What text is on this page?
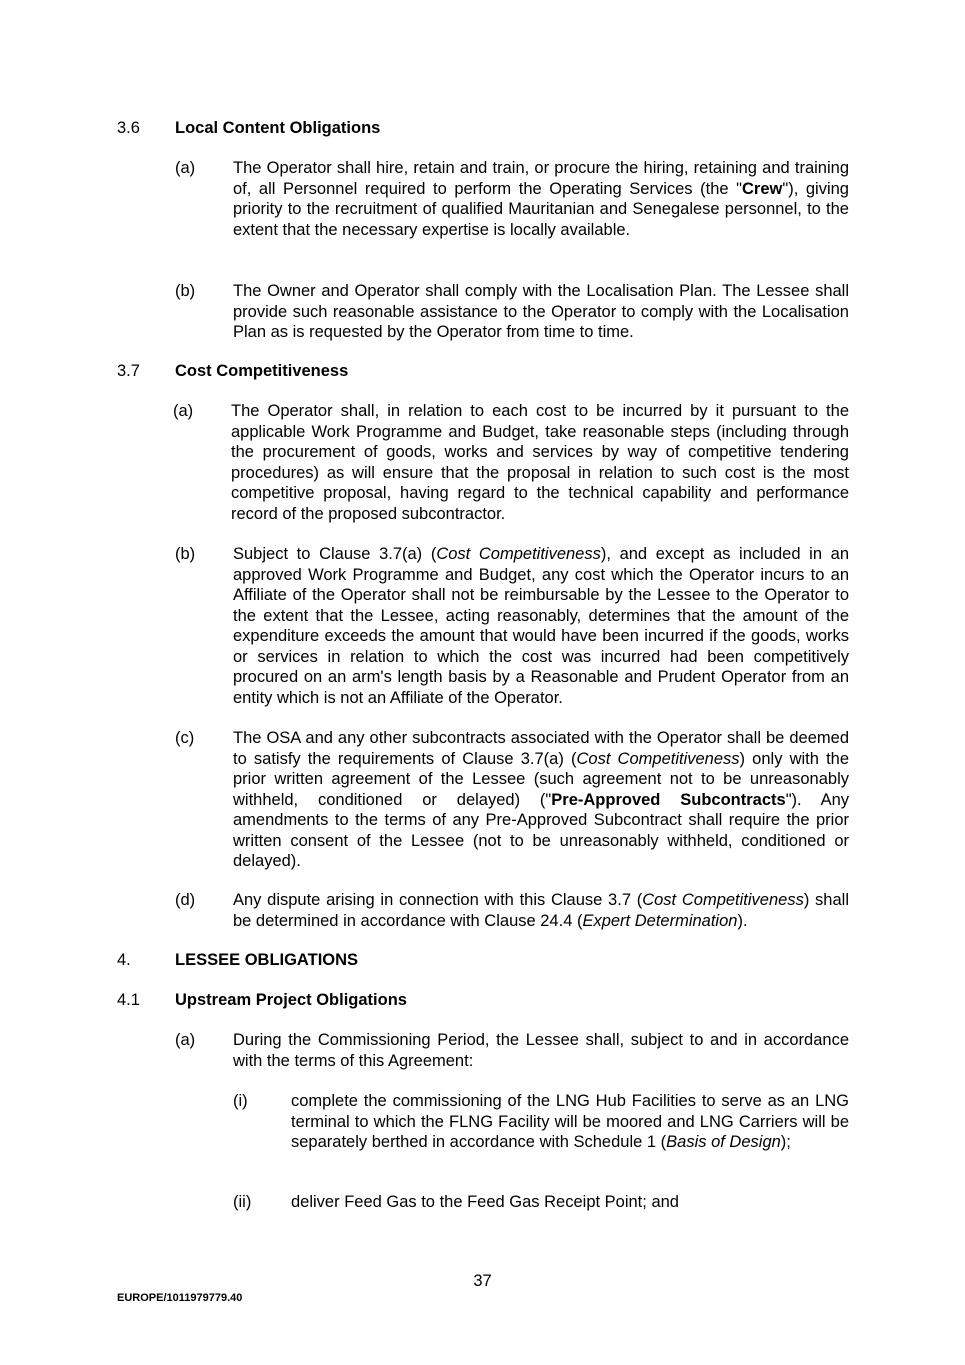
3.6 Local Content Obligations
(a) The Operator shall hire, retain and train, or procure the hiring, retaining and training of, all Personnel required to perform the Operating Services (the "Crew"), giving priority to the recruitment of qualified Mauritanian and Senegalese personnel, to the extent that the necessary expertise is locally available.
(b) The Owner and Operator shall comply with the Localisation Plan. The Lessee shall provide such reasonable assistance to the Operator to comply with the Localisation Plan as is requested by the Operator from time to time.
3.7 Cost Competitiveness
(a) The Operator shall, in relation to each cost to be incurred by it pursuant to the applicable Work Programme and Budget, take reasonable steps (including through the procurement of goods, works and services by way of competitive tendering procedures) as will ensure that the proposal in relation to such cost is the most competitive proposal, having regard to the technical capability and performance record of the proposed subcontractor.
(b) Subject to Clause 3.7(a) (Cost Competitiveness), and except as included in an approved Work Programme and Budget, any cost which the Operator incurs to an Affiliate of the Operator shall not be reimbursable by the Lessee to the Operator to the extent that the Lessee, acting reasonably, determines that the amount of the expenditure exceeds the amount that would have been incurred if the goods, works or services in relation to which the cost was incurred had been competitively procured on an arm's length basis by a Reasonable and Prudent Operator from an entity which is not an Affiliate of the Operator.
(c) The OSA and any other subcontracts associated with the Operator shall be deemed to satisfy the requirements of Clause 3.7(a) (Cost Competitiveness) only with the prior written agreement of the Lessee (such agreement not to be unreasonably withheld, conditioned or delayed) ("Pre-Approved Subcontracts"). Any amendments to the terms of any Pre-Approved Subcontract shall require the prior written consent of the Lessee (not to be unreasonably withheld, conditioned or delayed).
(d) Any dispute arising in connection with this Clause 3.7 (Cost Competitiveness) shall be determined in accordance with Clause 24.4 (Expert Determination).
4.	LESSEE OBLIGATIONS
4.1 Upstream Project Obligations
(a) During the Commissioning Period, the Lessee shall, subject to and in accordance with the terms of this Agreement:
(i)	complete the commissioning of the LNG Hub Facilities to serve as an LNG terminal to which the FLNG Facility will be moored and LNG Carriers will be separately berthed in accordance with Schedule 1 (Basis of Design);
(ii) deliver Feed Gas to the Feed Gas Receipt Point; and
37
EUROPE/1011979779.40
